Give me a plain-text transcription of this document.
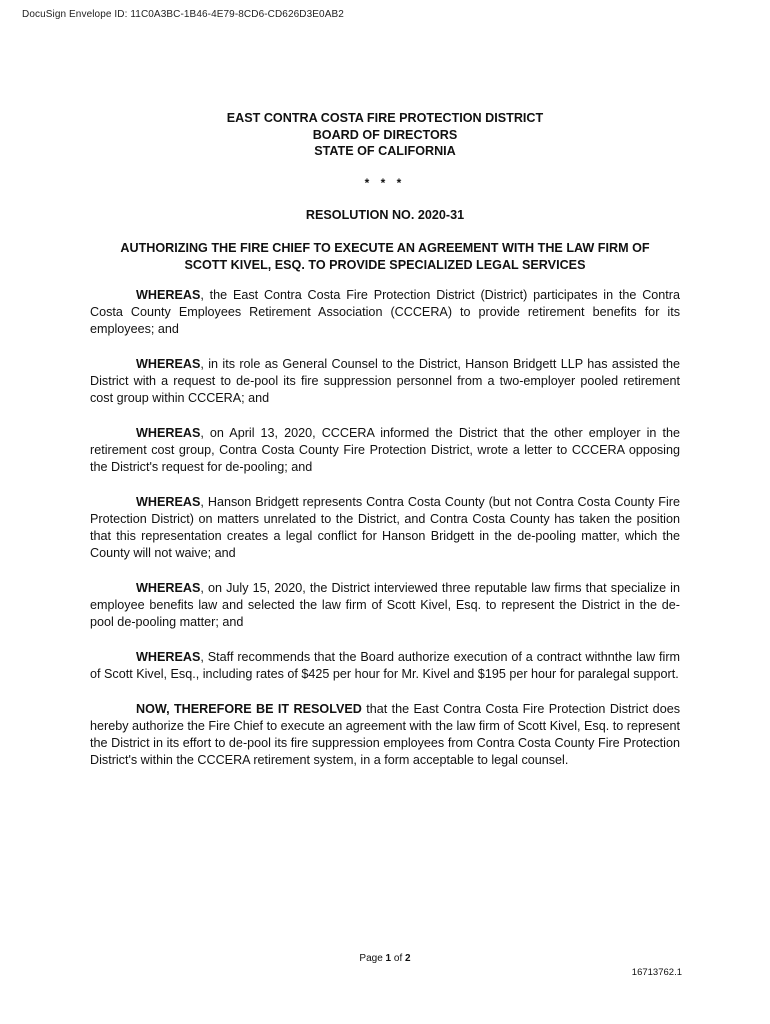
DocuSign Envelope ID: 11C0A3BC-1B46-4E79-8CD6-CD626D3E0AB2
EAST CONTRA COSTA FIRE PROTECTION DISTRICT
BOARD OF DIRECTORS
STATE OF CALIFORNIA
* * *
RESOLUTION NO. 2020-31
AUTHORIZING THE FIRE CHIEF TO EXECUTE AN AGREEMENT WITH THE LAW FIRM OF
SCOTT KIVEL, ESQ. TO PROVIDE SPECIALIZED LEGAL SERVICES

WHEREAS, the East Contra Costa Fire Protection District (District) participates in the Contra Costa County Employees Retirement Association (CCCERA) to provide retirement benefits for its employees; and

WHEREAS, in its role as General Counsel to the District, Hanson Bridgett LLP has assisted the District with a request to de-pool its fire suppression personnel from a two-employer pooled retirement cost group within CCCERA; and

WHEREAS, on April 13, 2020, CCCERA informed the District that the other employer in the retirement cost group, Contra Costa County Fire Protection District, wrote a letter to CCCERA opposing the District's request for de-pooling; and

WHEREAS, Hanson Bridgett represents Contra Costa County (but not Contra Costa County Fire Protection District) on matters unrelated to the District, and Contra Costa County has taken the position that this representation creates a legal conflict for Hanson Bridgett in the de-pooling matter, which the County will not waive; and

WHEREAS, on July 15, 2020, the District interviewed three reputable law firms that specialize in employee benefits law and selected the law firm of Scott Kivel, Esq. to represent the District in the de-pool de-pooling matter; and

WHEREAS, Staff recommends that the Board authorize execution of a contract withnthe law firm of Scott Kivel, Esq., including rates of $425 per hour for Mr. Kivel and $195 per hour for paralegal support.

NOW, THEREFORE BE IT RESOLVED that the East Contra Costa Fire Protection District does hereby authorize the Fire Chief to execute an agreement with the law firm of Scott Kivel, Esq. to represent the District in its effort to de-pool its fire suppression employees from Contra Costa County Fire Protection District's within the CCCERA retirement system, in a form acceptable to legal counsel.

Page 1 of 2
16713762.1
